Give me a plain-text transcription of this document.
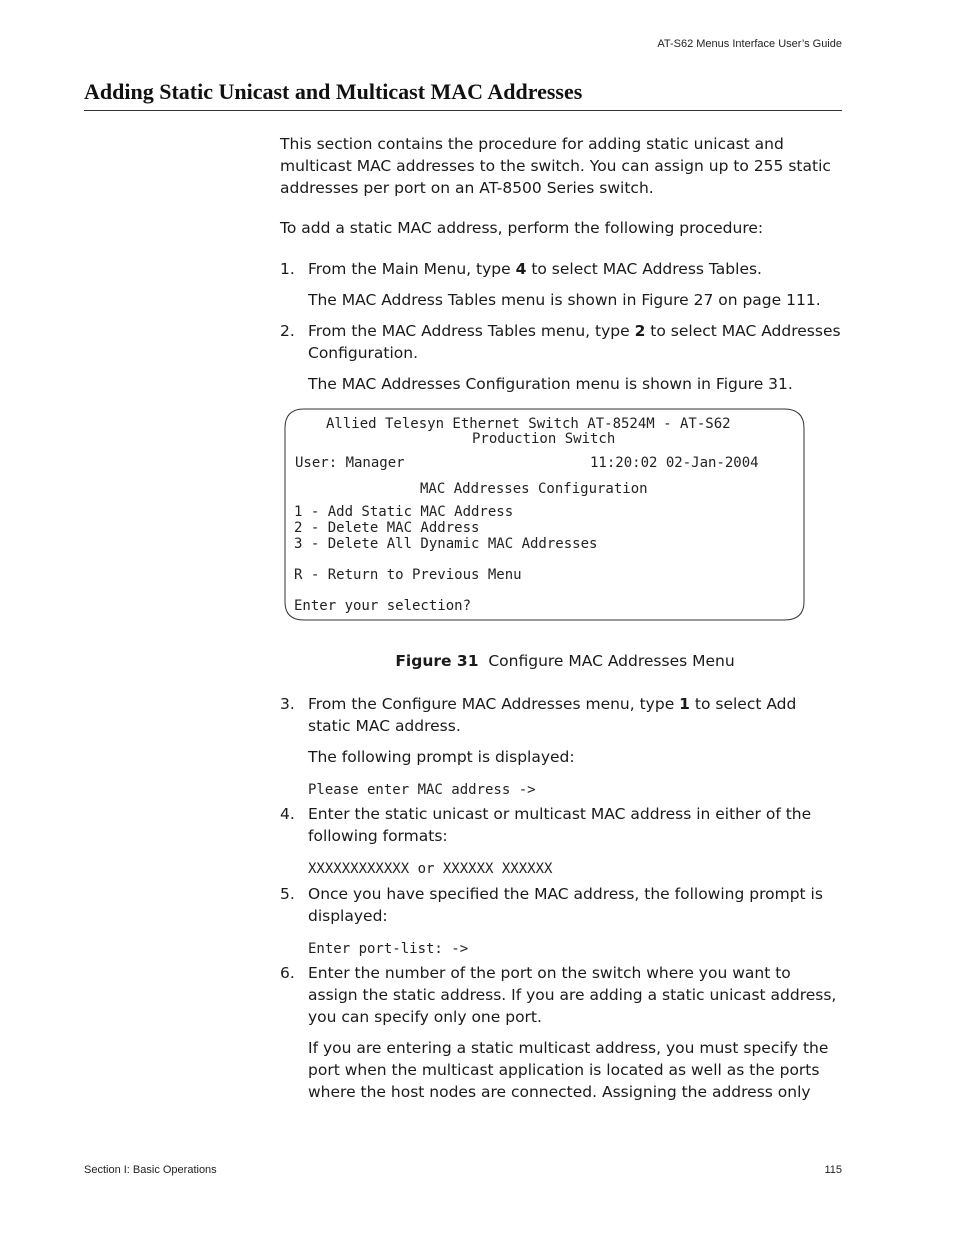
AT-S62 Menus Interface User’s Guide
Adding Static Unicast and Multicast MAC Addresses

This section contains the procedure for adding static unicast and multicast MAC addresses to the switch. You can assign up to 255 static addresses per port on an AT-8500 Series switch.

To add a static MAC address, perform the following procedure:

1. From the Main Menu, type 4 to select MAC Address Tables.

The MAC Address Tables menu is shown in Figure 27 on page 111.

2. From the MAC Address Tables menu, type 2 to select MAC Addresses Configuration.

The MAC Addresses Configuration menu is shown in Figure 31.

Allied Telesyn Ethernet Switch AT-8524M - AT-S62
Production Switch
User: Manager	11:20:02 02-Jan-2004
MAC Addresses Configuration
1 - Add Static MAC Address
2 - Delete MAC Address
3 - Delete All Dynamic MAC Addresses
R - Return to Previous Menu
Enter your selection?
Figure 31 Configure MAC Addresses Menu
3. From the Configure MAC Addresses menu, type 1 to select Add static MAC address.

The following prompt is displayed:

Please enter MAC address ->
4. Enter the static unicast or multicast MAC address in either of the following formats:
XXXXXXXXXXXX or XXXXXX XXXXXX
5. Once you have specified the MAC address, the following prompt is displayed:
Enter port-list: ->
6. Enter the number of the port on the switch where you want to assign the static address. If you are adding a static unicast address, you can specify only one port.

If you are entering a static multicast address, you must specify the port when the multicast application is located as well as the ports where the host nodes are connected. Assigning the address only

Section I: Basic Operations	115
